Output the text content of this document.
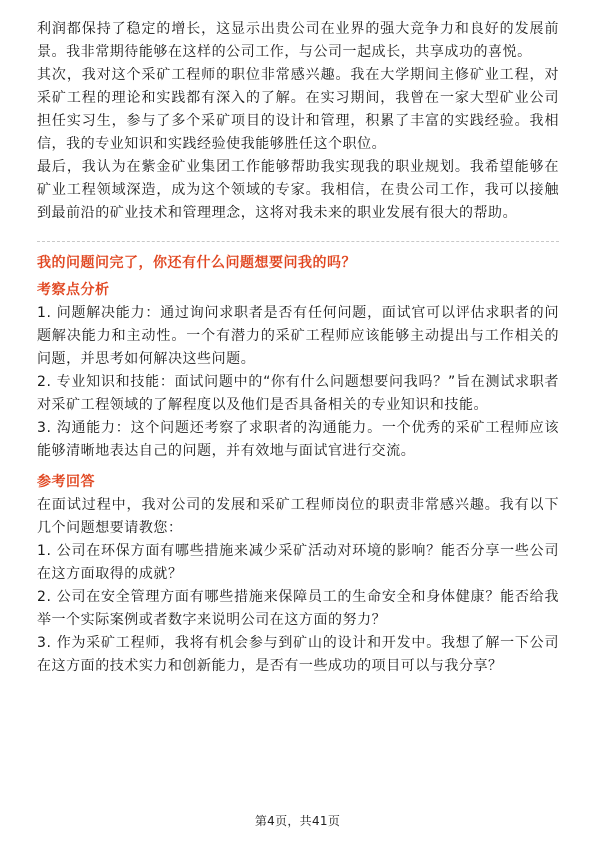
利润都保持了稳定的增长，这显示出贵公司在业界的强大竞争力和良好的发展前景。我非常期待能够在这样的公司工作，与公司一起成长，共享成功的喜悦。

其次，我对这个采矿工程师的职位非常感兴趣。我在大学期间主修矿业工程，对采矿工程的理论和实践都有深入的了解。在实习期间，我曾在一家大型矿业公司担任实习生，参与了多个采矿项目的设计和管理，积累了丰富的实践经验。我相信，我的专业知识和实践经验使我能够胜任这个职位。

最后，我认为在紫金矿业集团工作能够帮助我实现我的职业规划。我希望能够在矿业工程领域深造，成为这个领域的专家。我相信，在贵公司工作，我可以接触到最前沿的矿业技术和管理理念，这将对我未来的职业发展有很大的帮助。

我的问题问完了，你还有什么问题想要问我的吗？
考察点分析

1. 问题解决能力：通过询问求职者是否有任何问题，面试官可以评估求职者的问题解决能力和主动性。一个有潜力的采矿工程师应该能够主动提出与工作相关的问题，并思考如何解决这些问题。

2. 专业知识和技能：面试问题中的“你有什么问题想要问我吗？”旨在测试求职者对采矿工程领域的了解程度以及他们是否具备相关的专业知识和技能。

3. 沟通能力：这个问题还考察了求职者的沟通能力。一个优秀的采矿工程师应该能够清晰地表达自己的问题，并有效地与面试官进行交流。

参考回答

在面试过程中，我对公司的发展和采矿工程师岗位的职责非常感兴趣。我有以下几个问题想要请教您：

1. 公司在环保方面有哪些措施来减少采矿活动对环境的影响？能否分享一些公司在这方面取得的成就？

2. 公司在安全管理方面有哪些措施来保障员工的生命安全和身体健康？能否给我举一个实际案例或者数字来说明公司在这方面的努力？

3. 作为采矿工程师，我将有机会参与到矿山的设计和开发中。我想了解一下公司在这方面的技术实力和创新能力，是否有一些成功的项目可以与我分享？

第4页，共41页
